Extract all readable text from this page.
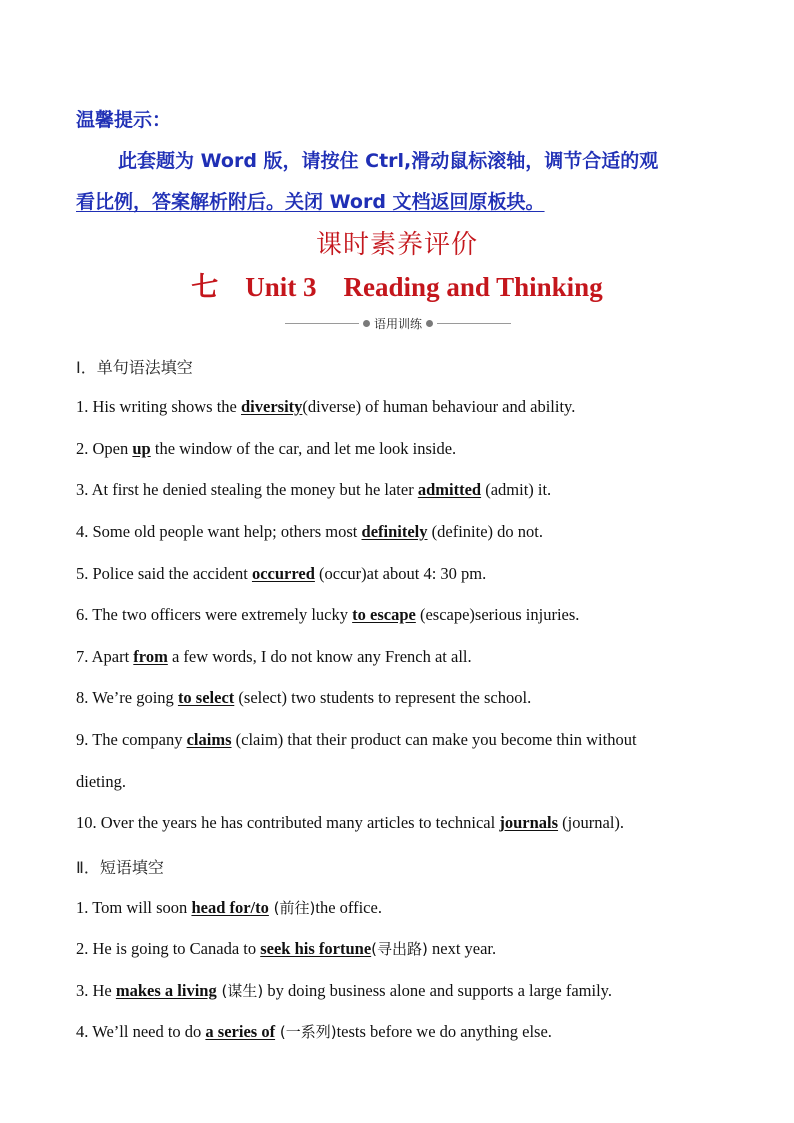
温馨提示：
此套题为 Word 版，请按住 Ctrl,滑动鼠标滚轴，调节合适的观
看比例，答案解析附后。关闭 Word 文档返回原板块。
课时素养评价
七　Unit 3　Reading and Thinking
语用训练
Ⅰ．单句语法填空
1. His writing shows the diversity(diverse) of human behaviour and ability.
2. Open up the window of the car, and let me look inside.
3. At first he denied stealing the money but he later admitted (admit) it.
4. Some old people want help; others most definitely (definite) do not.
5. Police said the accident occurred (occur)at about 4: 30 pm.
6. The two officers were extremely lucky to escape (escape)serious injuries.
7. Apart from a few words, I do not know any French at all.
8. We’re going to select (select) two students to represent the school.
9. The company claims (claim) that their product can make you become thin without
dieting.
10. Over the years he has contributed many articles to technical journals (journal).
Ⅱ．短语填空
1. Tom will soon head for/to (前往)the office.
2. He is going to Canada to seek his fortune(寻出路) next year.
3. He makes a living (谋生) by doing business alone and supports a large family.
4. We’ll need to do a series of (一系列)tests before we do anything else.
